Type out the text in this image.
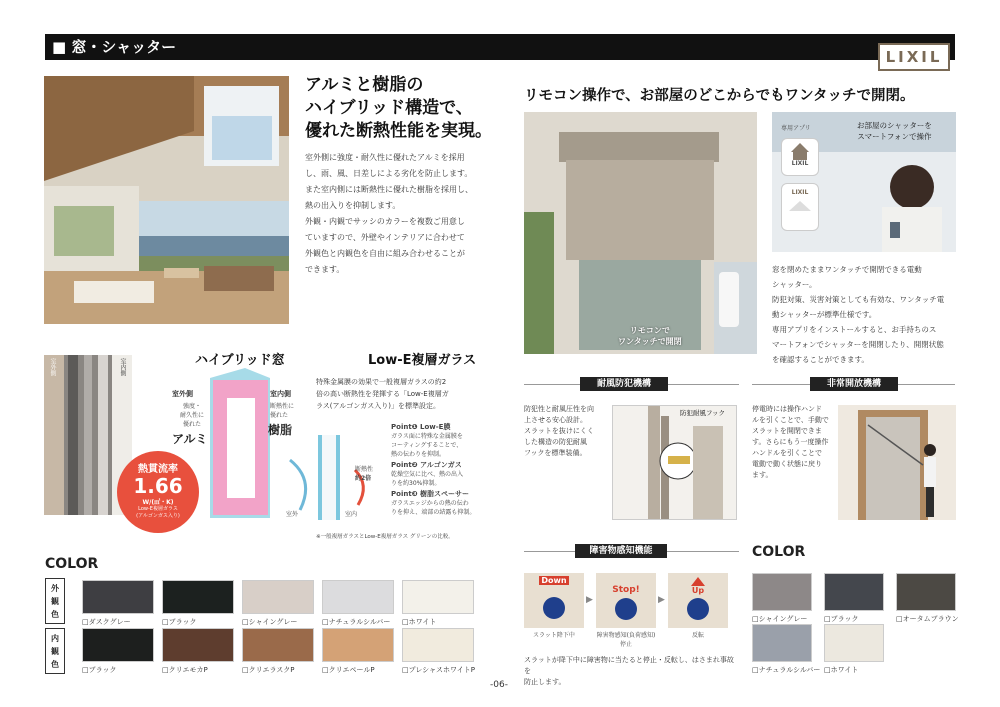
■ 窓・シャッター
LIXIL
アルミと樹脂の
ハイブリッド構造で、
優れた断熱性能を実現。
室外側に強度・耐久性に優れたアルミを採用
し、雨、風、日差しによる劣化を防止します。
また室内側には断熱性に優れた樹脂を採用し、
熱の出入りを抑制します。
外観・内観でサッシのカラーを複数ご用意し
ていますので、外壁やインテリアに合わせて
外観色と内観色を自由に組み合わせることが
できます。
室外側	室内側	ハイブリッド窓
室外側
強度・
耐久性に
優れた
アルミ
室内側
断熱性に
優れた
樹脂
熱貫流率
1.66
W/(㎡・K)
Low-E複層ガラス
(アルゴンガス入り)
Low-E複層ガラス
特殊金属膜の効果で一般複層ガラスの約2
倍の高い断熱性を発揮する「Low-E複層ガ
ラス(アルゴンガス入り)」を標準設定。
室外	室内
断熱性
約2倍
Point❶ Low-E膜
ガラス面に特殊な金属膜を
コーティングすることで、
熱の伝わりを抑制。
Point❷ アルゴンガス
乾燥空気に比べ、熱の出入
りを約30%抑制。
Point❸ 樹脂スペーサー
ガラスエッジからの熱の伝わ
りを抑え、端部の結露も抑制。
※一般複層ガラスとLow-E複層ガラス グリーンの比較。
COLOR
外
観
色
内
観
色
□ダスクグレー	□ブラック	□シャイングレー	□ナチュラルシルバー □ホワイト
□ブラック	□クリエモカP	□クリエラスクP	□クリエペールP	□プレシャスホワイトP
リモコン操作で、お部屋のどこからでもワンタッチで開閉。
リモコンで
ワンタッチで開閉
専用アプリ
LIXIL
LIXIL
お部屋のシャッターを
スマートフォンで操作
窓を閉めたままワンタッチで開閉できる電動
シャッター。
防犯対策、災害対策としても有効な、ワンタッチ電
動シャッターが標準仕様です。
専用アプリをインストールすると、お手持ちのス
マートフォンでシャッターを開閉したり、開閉状態
を確認することができます。
耐風防犯機構
防犯性と耐風圧性を向
上させる安心設計。
スラットを抜けにくく
した構造の防犯耐風
フックを標準装備。
防犯耐風フック
非常開放機構
停電時には操作ハンド
ルを引くことで、手動で
スラットを開閉できま
す。さらにもう一度操作
ハンドルを引くことで
電動で動く状態に戻り
ます。
障害物感知機能
Down
▶
Stop!
▶
Up
スラット降下中	障害物感知(負荷感知)
停止
反転
スラットが降下中に障害物に当たると停止・反転し、はさまれ事故を
防止します。
COLOR
□シャイングレー □ブラック	□オータムブラウン
□ナチュラルシルバー □ホワイト
-06-
